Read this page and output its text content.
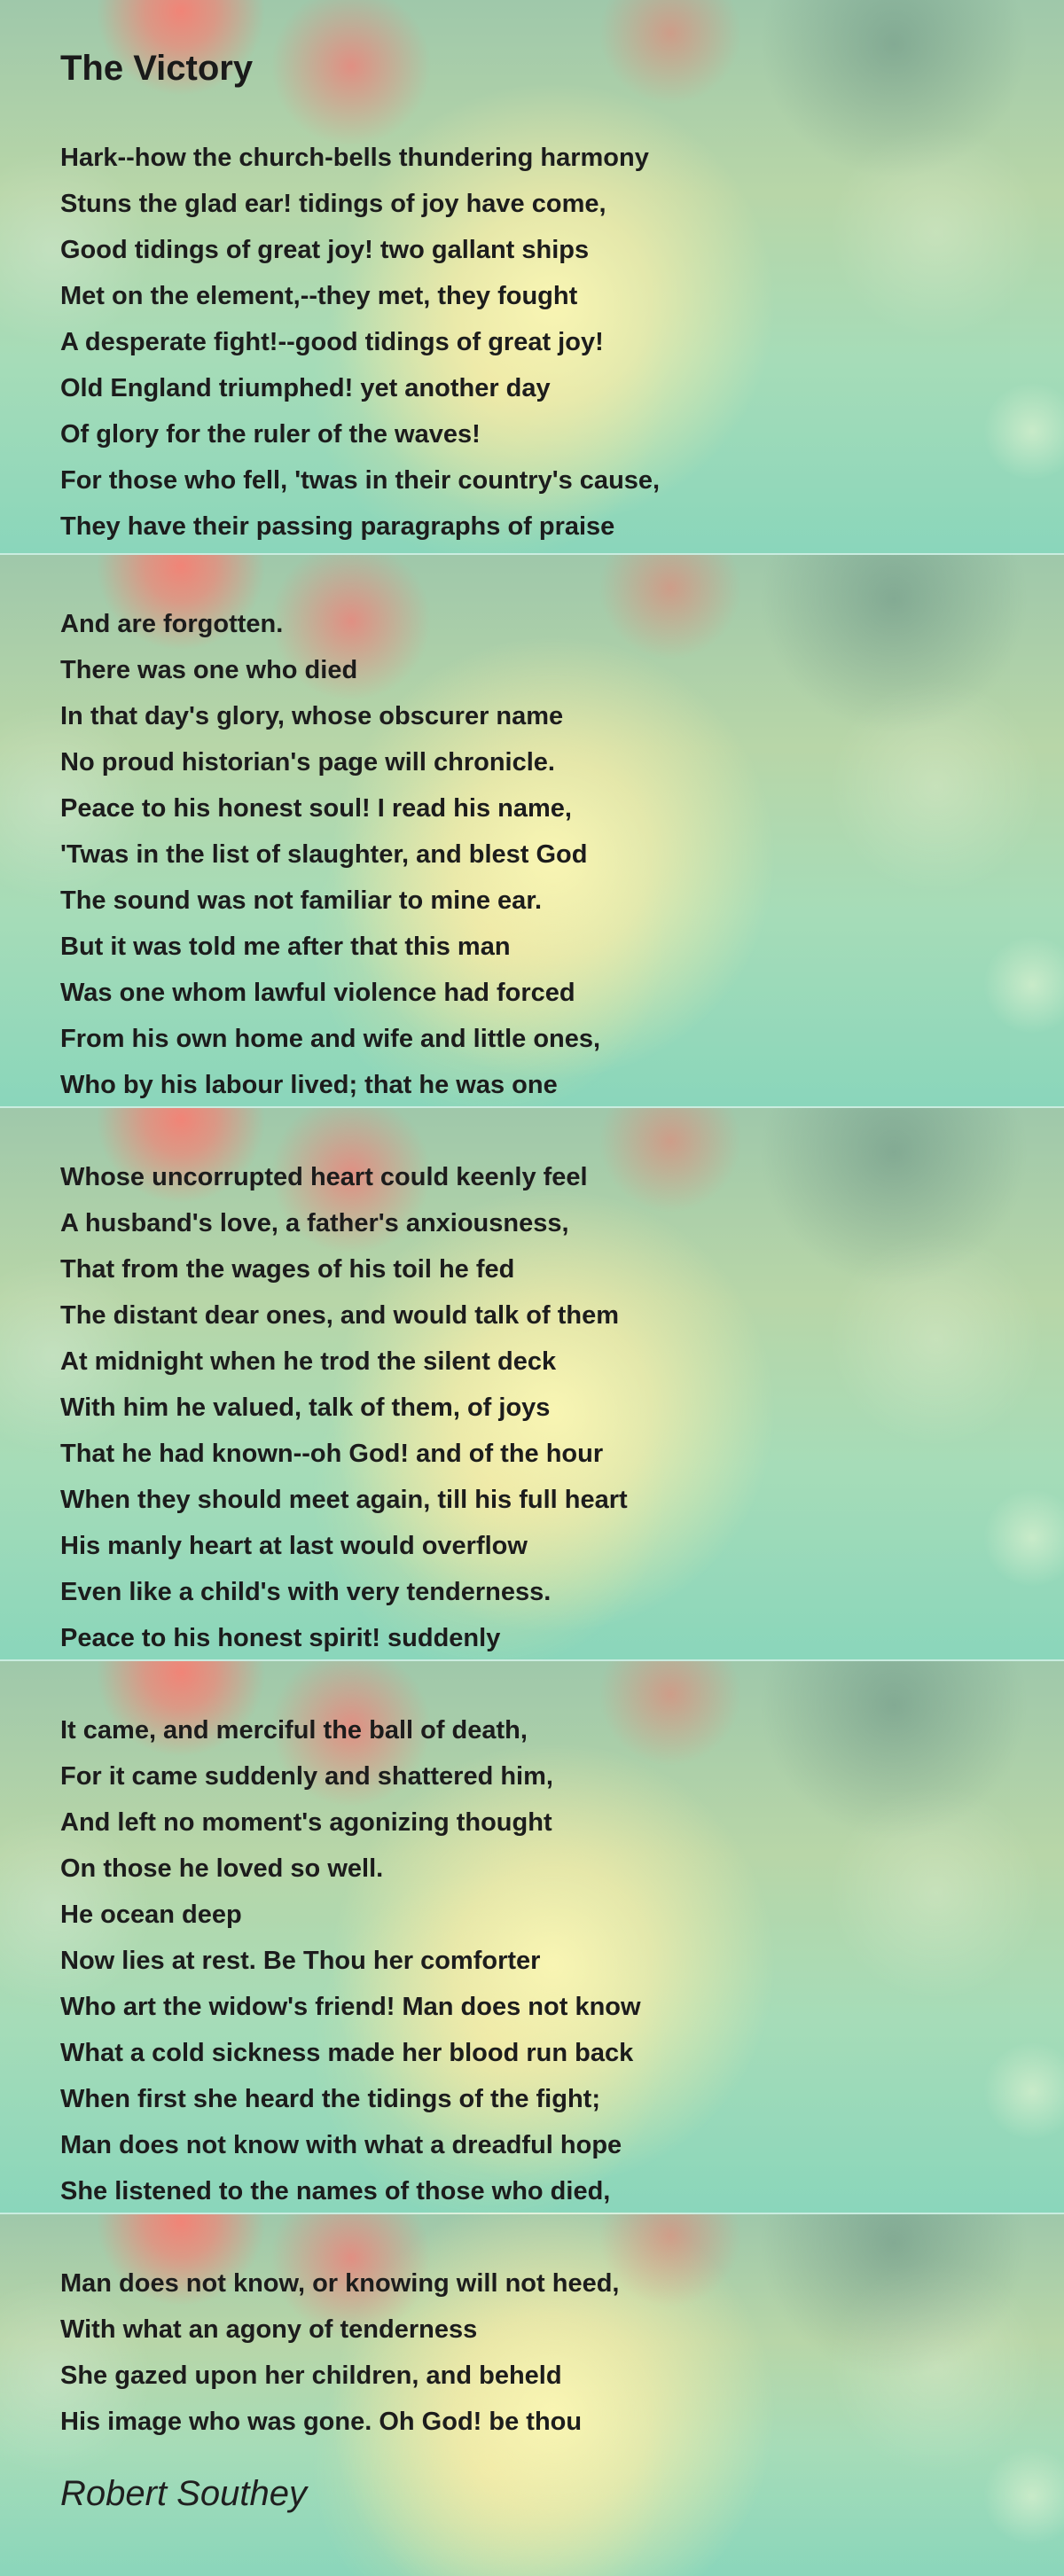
The Victory
Hark--how the church-bells thundering harmony
Stuns the glad ear! tidings of joy have come,
Good tidings of great joy! two gallant ships
Met on the element,--they met, they fought
A desperate fight!--good tidings of great joy!
Old England triumphed! yet another day
Of glory for the ruler of the waves!
For those who fell, 'twas in their country's cause,
They have their passing paragraphs of praise
And are forgotten.
There was one who died
In that day's glory, whose obscurer name
No proud historian's page will chronicle.
Peace to his honest soul! I read his name,
'Twas in the list of slaughter, and blest God
The sound was not familiar to mine ear.
But it was told me after that this man
Was one whom lawful violence had forced
From his own home and wife and little ones,
Who by his labour lived; that he was one
Whose uncorrupted heart could keenly feel
A husband's love, a father's anxiousness,
That from the wages of his toil he fed
The distant dear ones, and would talk of them
At midnight when he trod the silent deck
With him he valued, talk of them, of joys
That he had known--oh God! and of the hour
When they should meet again, till his full heart
His manly heart at last would overflow
Even like a child's with very tenderness.
Peace to his honest spirit! suddenly
It came, and merciful the ball of death,
For it came suddenly and shattered him,
And left no moment's agonizing thought
On those he loved so well.
He ocean deep
Now lies at rest. Be Thou her comforter
Who art the widow's friend! Man does not know
What a cold sickness made her blood run back
When first she heard the tidings of the fight;
Man does not know with what a dreadful hope
She listened to the names of those who died,
Man does not know, or knowing will not heed,
With what an agony of tenderness
She gazed upon her children, and beheld
His image who was gone. Oh God! be thou

Robert Southey
